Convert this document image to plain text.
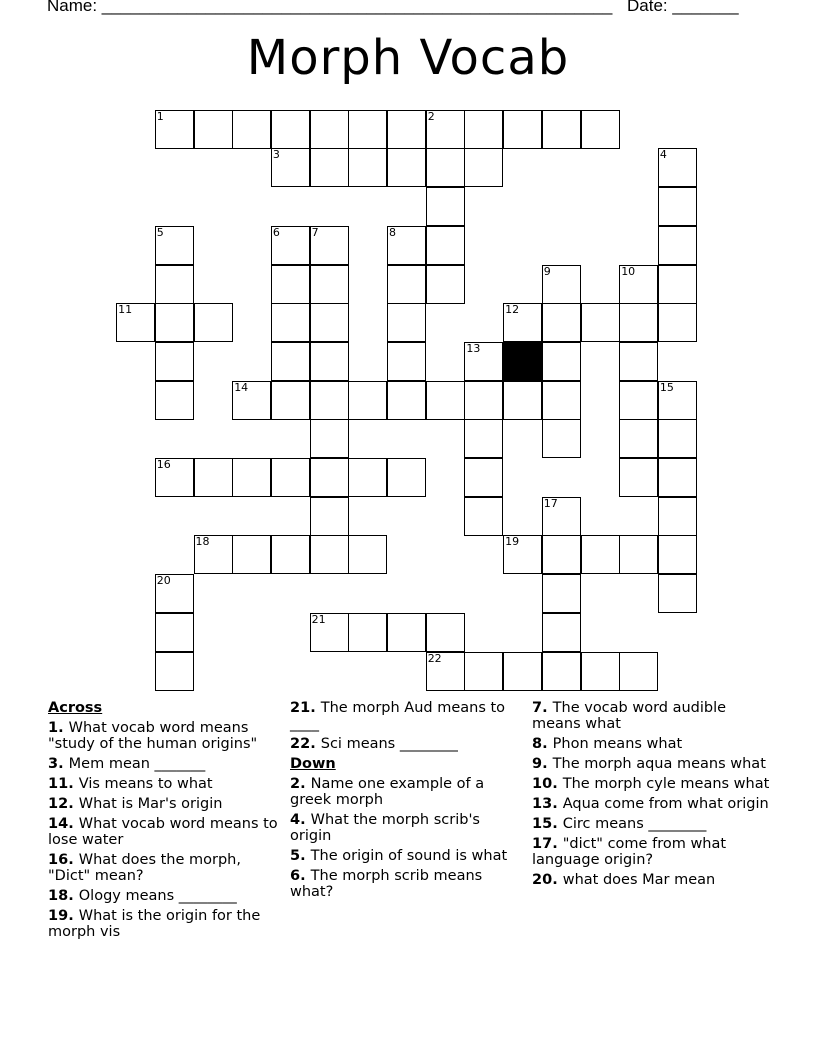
Name: ______________________________________________________ Date: _______
Morph Vocab
1	2
3	4
5	6	7	8
9	10
11	12
13
14	15
16
17
18	19
20
21
22
Across
1. What vocab word means "study of the human origins"
3. Mem mean _______
11. Vis means to what
12. What is Mar's origin
14. What vocab word means to lose water
16. What does the morph, "Dict" mean?
18. Ology means ________
19. What is the origin for the morph vis
21. The morph Aud means to ____
22. Sci means ________
Down
2. Name one example of a greek morph
4. What the morph scrib's origin
5. The origin of sound is what
6. The morph scrib means what?
7. The vocab word audible means what
8. Phon means what
9. The morph aqua means what
10. The morph cyle means what
13. Aqua come from what origin
15. Circ means ________
17. "dict" come from what language origin?
20. what does Mar mean
